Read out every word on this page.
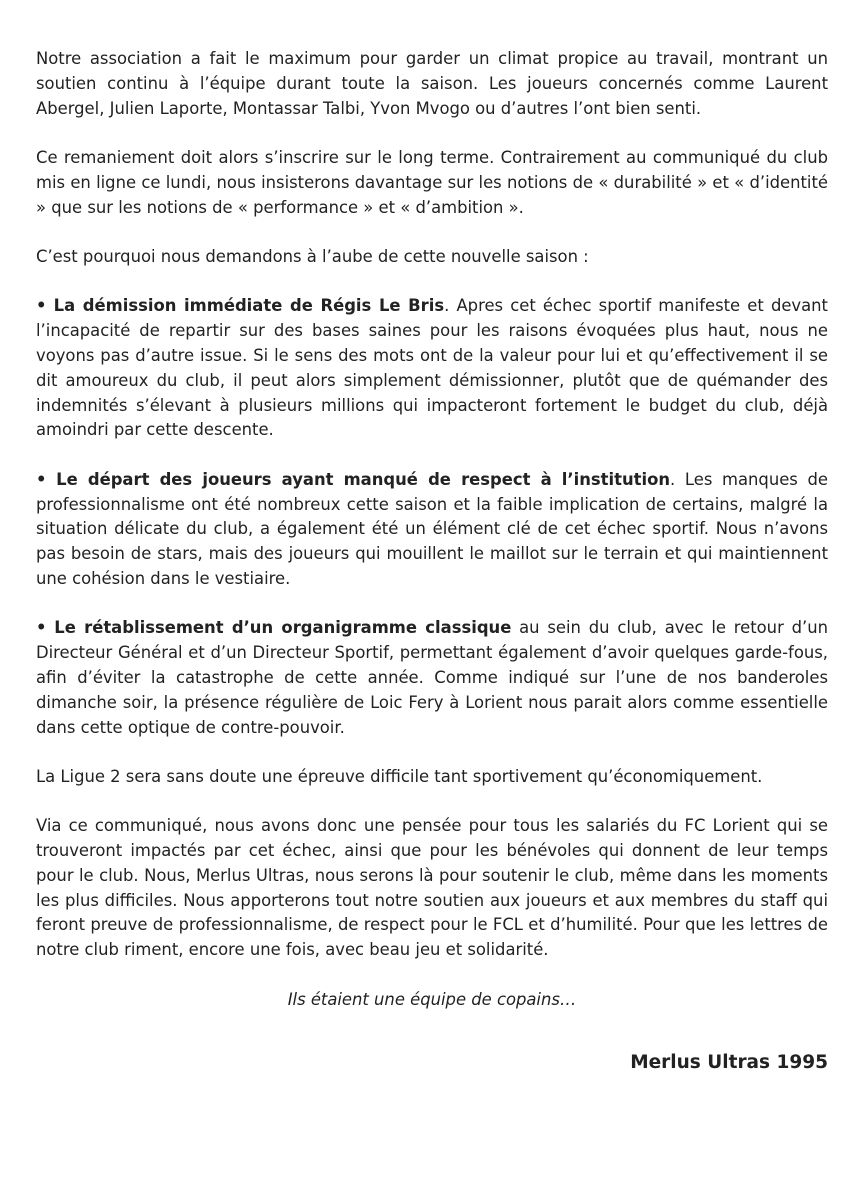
Notre association a fait le maximum pour garder un climat propice au travail, montrant un soutien continu à l’équipe durant toute la saison. Les joueurs concernés comme Laurent Abergel, Julien Laporte, Montassar Talbi, Yvon Mvogo ou d’autres l’ont bien senti.

Ce remaniement doit alors s’inscrire sur le long terme. Contrairement au communiqué du club mis en ligne ce lundi, nous insisterons davantage sur les notions de « durabilité » et « d’identité » que sur les notions de « performance » et « d’ambition ».

C’est pourquoi nous demandons à l’aube de cette nouvelle saison :

• La démission immédiate de Régis Le Bris. Apres cet échec sportif manifeste et devant l’incapacité de repartir sur des bases saines pour les raisons évoquées plus haut, nous ne voyons pas d’autre issue. Si le sens des mots ont de la valeur pour lui et qu’effectivement il se dit amoureux du club, il peut alors simplement démissionner, plutôt que de quémander des indemnités s’élevant à plusieurs millions qui impacteront fortement le budget du club, déjà amoindri par cette descente.

• Le départ des joueurs ayant manqué de respect à l’institution. Les manques de professionnalisme ont été nombreux cette saison et la faible implication de certains, malgré la situation délicate du club, a également été un élément clé de cet échec sportif. Nous n’avons pas besoin de stars, mais des joueurs qui mouillent le maillot sur le terrain et qui maintiennent une cohésion dans le vestiaire.

• Le rétablissement d’un organigramme classique au sein du club, avec le retour d’un Directeur Général et d’un Directeur Sportif, permettant également d’avoir quelques garde-fous, afin d’éviter la catastrophe de cette année. Comme indiqué sur l’une de nos banderoles dimanche soir, la présence régulière de Loic Fery à Lorient nous parait alors comme essentielle dans cette optique de contre-pouvoir.

La Ligue 2 sera sans doute une épreuve difficile tant sportivement qu’économiquement.

Via ce communiqué, nous avons donc une pensée pour tous les salariés du FC Lorient qui se trouveront impactés par cet échec, ainsi que pour les bénévoles qui donnent de leur temps pour le club. Nous, Merlus Ultras, nous serons là pour soutenir le club, même dans les moments les plus difficiles. Nous apporterons tout notre soutien aux joueurs et aux membres du staff qui feront preuve de professionnalisme, de respect pour le FCL et d’humilité. Pour que les lettres de notre club riment, encore une fois, avec beau jeu et solidarité.

Ils étaient une équipe de copains…

Merlus Ultras 1995
